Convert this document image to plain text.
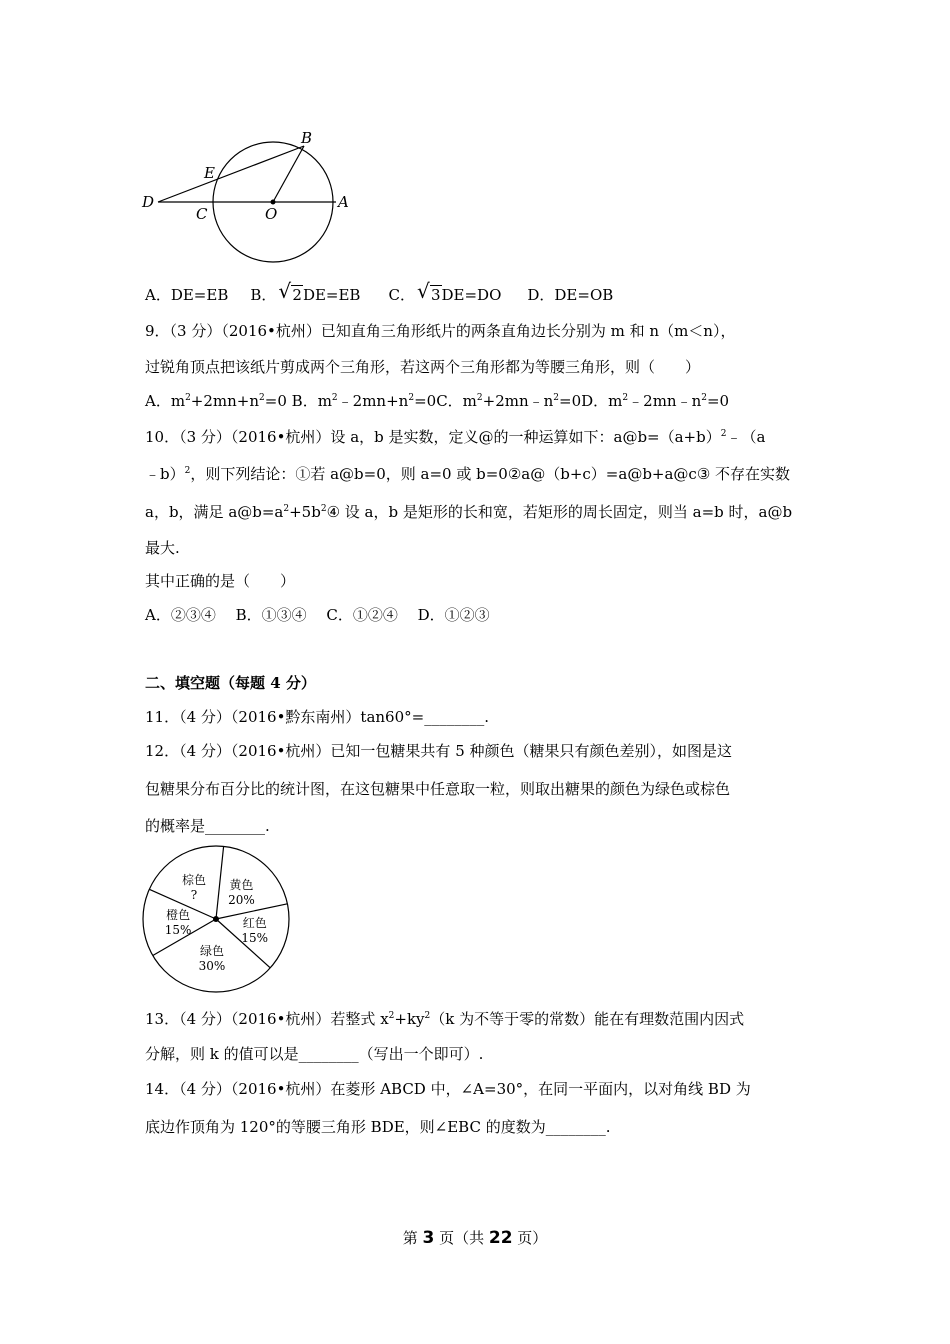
B
E
D
C	O
A
A．DE=EB B． √ 2DE=EB C． √ 3DE=DO D．DE=OB
9．（3 分）（2016•杭州）已知直角三角形纸片的两条直角边长分别为 m 和 n（m＜n），
过锐角顶点把该纸片剪成两个三角形，若这两个三角形都为等腰三角形，则（　　）
A．$m^2+2mn+n^2=0$ B．$m^2﹣2mn+n^2=0C$．$m^2+2mn﹣n^2=0D$．$m^2﹣2mn﹣n^2=0$
10．（3 分）（2016•杭州）设 a，b 是实数，定义@的一种运算如下：$a@b=(a+b)^2﹣(a$
﹣b）$^2$，则下列结论：①若 a@b=0，则 a=0 或 b=0②a@（b+c）=a@b+a@c③ 不存在实数
a，b，满足 $a@b=a^2+5b^2④$ 设 a，b 是矩形的长和宽，若矩形的周长固定，则当 a=b 时，a@b
最大.
其中正确的是（　　）
A．②③④　 B．①③④　 C．①②④　 D．①②③
二、填空题（每题 4 分）
11．（4 分）（2016•黔东南州）tan60°=________.
12．（4 分）（2016•杭州）已知一包糖果共有 5 种颜色（糖果只有颜色差别），如图是这
包糖果分布百分比的统计图，在这包糖果中任意取一粒，则取出糖果的颜色为绿色或棕色
的概率是________.
黄色
20%
红色
15%
绿色
30%
橙色
15%
棕色
?
13．（4 分）（2016•杭州）若整式 $x^2+ky^2(k$ 为不等于零的常数）能在有理数范围内因式
分解，则 k 的值可以是________（写出一个即可）.
14．（4 分）（2016•杭州）在菱形 ABCD 中，∠A=30°，在同一平面内，以对角线 BD 为
底边作顶角为 120°的等腰三角形 BDE，则∠EBC 的度数为________.
第 3 页（共 22 页）
